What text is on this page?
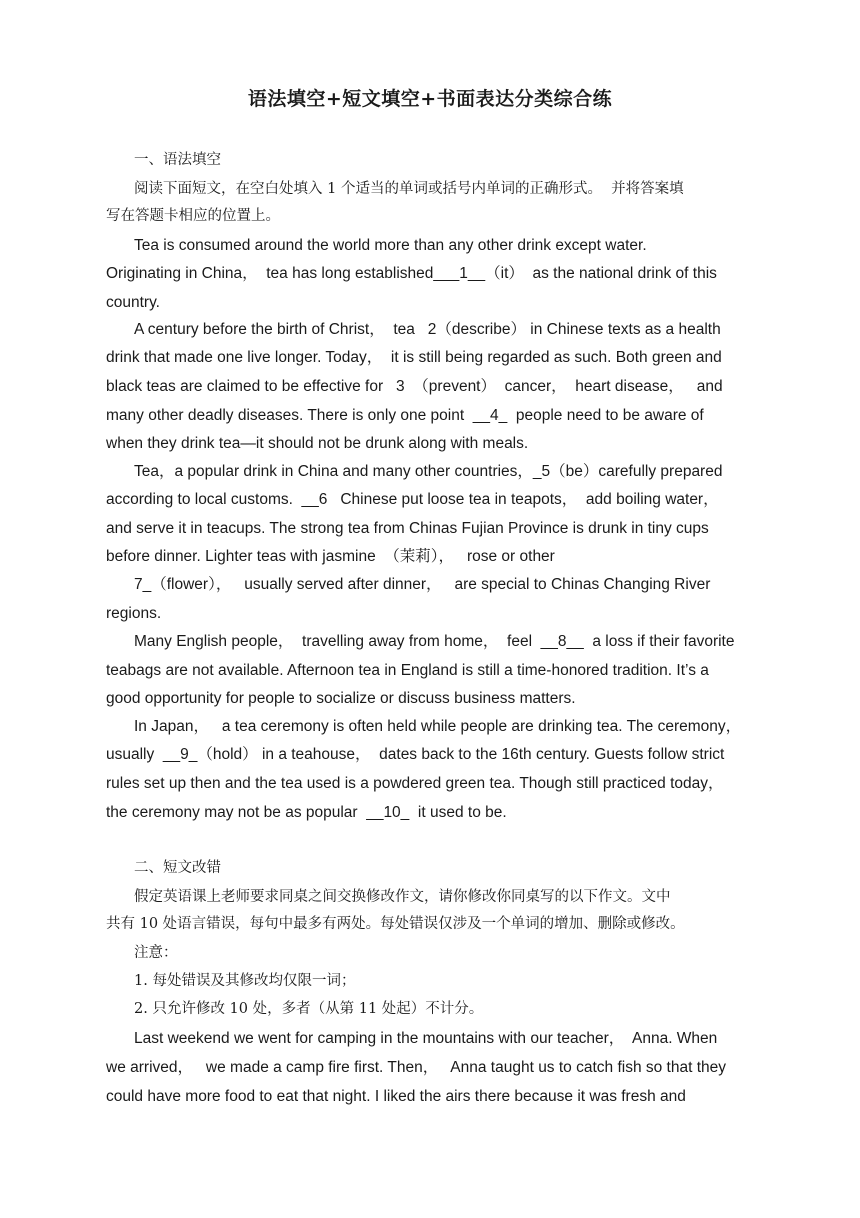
语法填空+短文填空+书面表达分类综合练
一、语法填空
阅读下面短文，在空白处填入 1 个适当的单词或括号内单词的正确形式。  并将答案填
写在答题卡相应的位置上。
Tea is consumed around the world more than any other drink except water.
Originating in China，  tea has long established___1__（it）  as the national drink of this
country.
A century before the birth of Christ，  tea   2（describe） in Chinese texts as a health
drink that made one live longer. Today，  it is still being regarded as such. Both green and
black teas are claimed to be effective for   3  （prevent）  cancer，  heart disease，   and
many other deadly diseases. There is only one point  __4_  people need to be aware of
when they drink tea—it should not be drunk along with meals.
Tea，a popular drink in China and many other countries，_5（be）carefully prepared
according to local customs.  __6   Chinese put loose tea in teapots，  add boiling water，
and serve it in teacups. The strong tea from Chinas Fujian Province is drunk in tiny cups
before dinner. Lighter teas with jasmine  （茉莉），   rose or other
7_（flower），   usually served after dinner，   are special to Chinas Changing River
regions.
Many English people，  travelling away from home，  feel  __8__  a loss if their favorite
teabags are not available. Afternoon tea in England is still a time-honored tradition. It’s a
good opportunity for people to socialize or discuss business matters.
In Japan，   a tea ceremony is often held while people are drinking tea. The ceremony，
usually  __9_（hold） in a teahouse，  dates back to the 16th century. Guests follow strict
rules set up then and the tea used is a powdered green tea. Though still practiced today，
the ceremony may not be as popular  __10_  it used to be.
二、短文改错
假定英语课上老师要求同桌之间交换修改作文，请你修改你同桌写的以下作文。文中
共有 10 处语言错误，每句中最多有两处。每处错误仅涉及一个单词的增加、删除或修改。
注意：
1. 每处错误及其修改均仅限一词；
2. 只允许修改 10 处，多者（从第 11 处起）不计分。
Last weekend we went for camping in the mountains with our teacher，  Anna. When
we arrived，   we made a camp fire first. Then，   Anna taught us to catch fish so that they
could have more food to eat that night. I liked the airs there because it was fresh and
